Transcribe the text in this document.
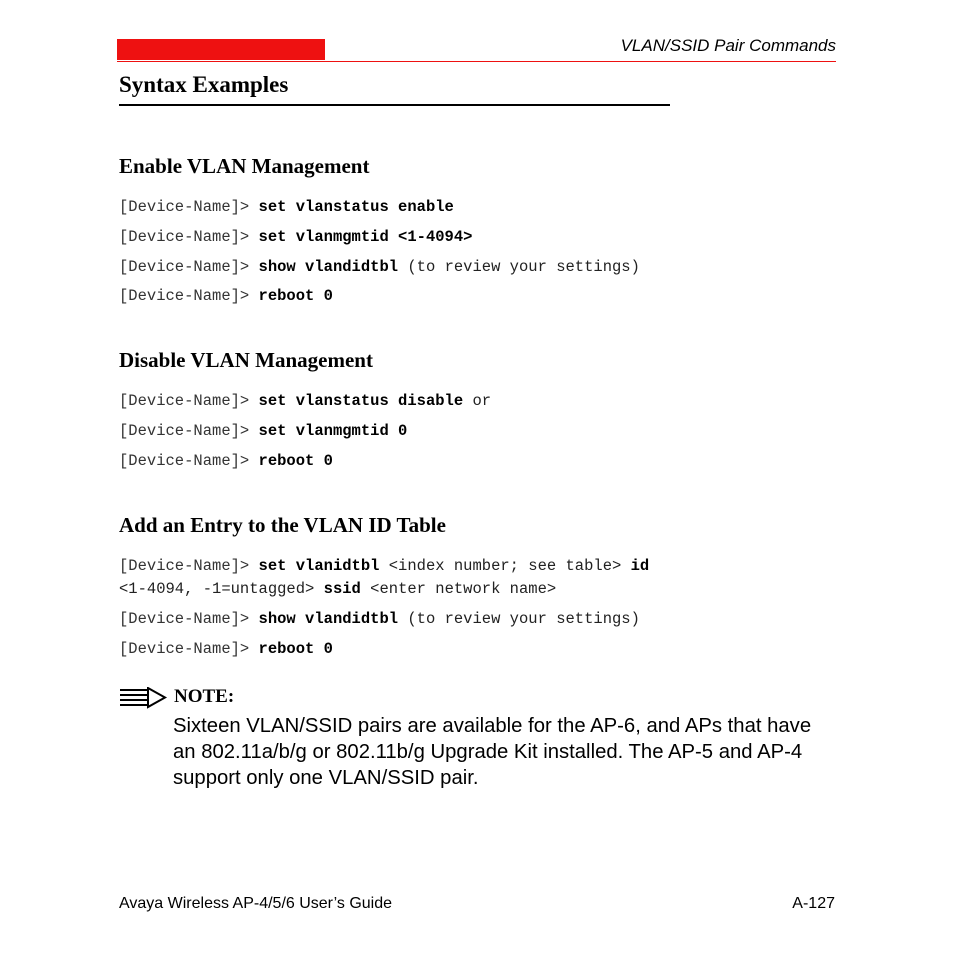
VLAN/SSID Pair Commands
Syntax Examples
Enable VLAN Management
[Device-Name]> set vlanstatus enable
[Device-Name]> set vlanmgmtid <1-4094>
[Device-Name]> show vlandidtbl (to review your settings)
[Device-Name]> reboot 0
Disable VLAN Management
[Device-Name]> set vlanstatus disable or
[Device-Name]> set vlanmgmtid 0
[Device-Name]> reboot 0
Add an Entry to the VLAN ID Table
[Device-Name]> set vlanidtbl <index number; see table> id
<1-4094, -1=untagged> ssid <enter network name>
[Device-Name]> show vlandidtbl (to review your settings)
[Device-Name]> reboot 0
NOTE:
Sixteen VLAN/SSID pairs are available for the AP-6, and APs that have an 802.11a/b/g or 802.11b/g Upgrade Kit installed. The AP-5 and AP-4 support only one VLAN/SSID pair.
Avaya Wireless AP-4/5/6 User’s Guide	A-127
